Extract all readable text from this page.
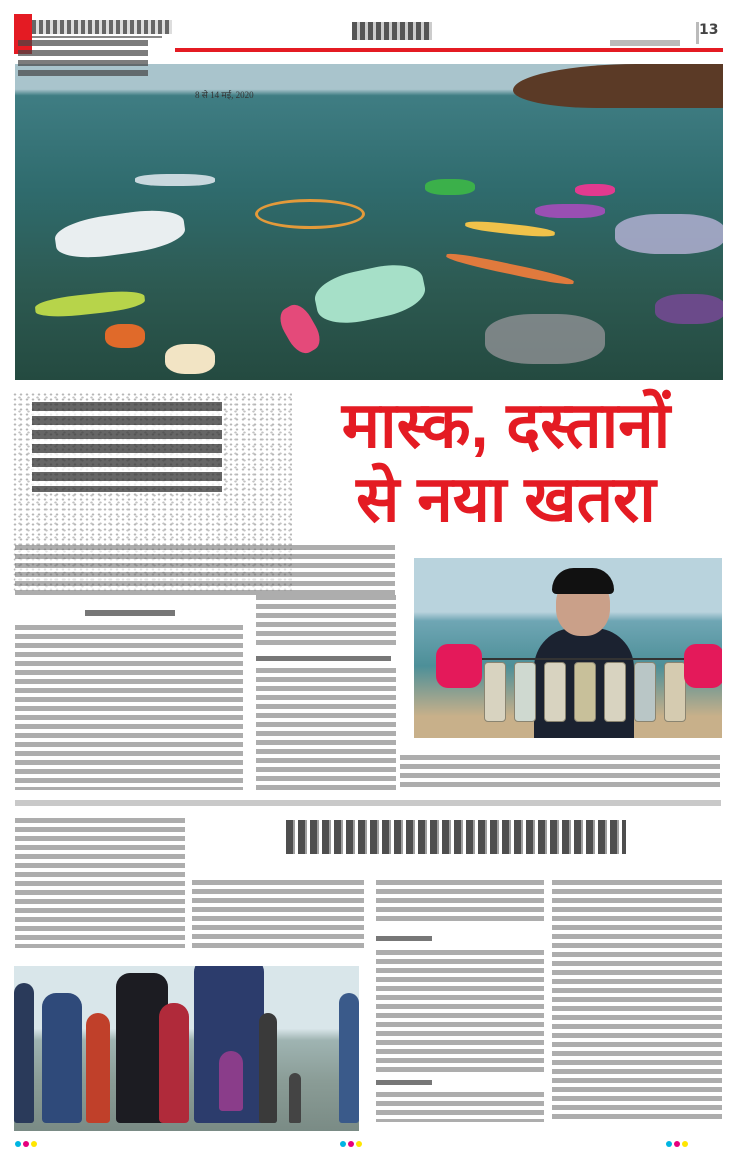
13
8 से 14 मई, 2020
मास्क, दस्तानों
से नया खतरा
